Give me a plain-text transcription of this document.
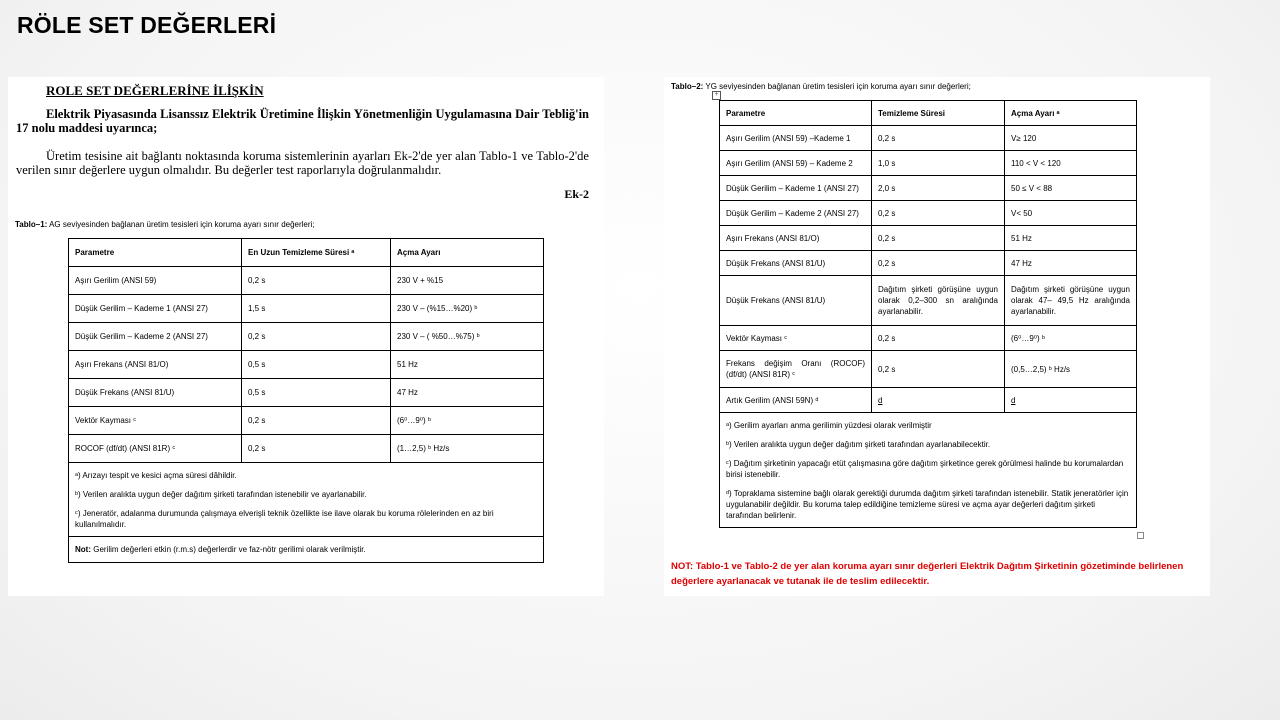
RÖLE SET DEĞERLERİ
ROLE SET DEĞERLERİNE İLİŞKİN
Elektrik Piyasasında Lisanssız Elektrik Üretimine İlişkin Yönetmenliğin Uygulamasına Dair Tebliğ'in 17 nolu maddesi uyarınca;
Üretim tesisine ait bağlantı noktasında koruma sistemlerinin ayarları Ek-2'de yer alan Tablo-1 ve Tablo-2'de verilen sınır değerlere uygun olmalıdır. Bu değerler test raporlarıyla doğrulanmalıdır.
Ek-2
Tablo–1: AG seviyesinden bağlanan üretim tesisleri için koruma ayarı sınır değerleri;
Parametre	En Uzun Temizleme Süresi ᵃ	Açma Ayarı
Aşırı Gerilim (ANSI 59)	0,2 s	230 V + %15
Düşük Gerilim – Kademe 1 (ANSI 27)	1,5 s	230 V – (%15…%20) ᵇ
Düşük Gerilim – Kademe 2 (ANSI 27)	0,2 s	230 V – ( %50…%75) ᵇ
Aşırı Frekans (ANSI 81/O)	0,5 s	51 Hz
Düşük Frekans (ANSI 81/U)	0,5 s	47 Hz
Vektör Kayması ᶜ	0,2 s	(6⁰…9⁰) ᵇ
ROCOF (df/dt) (ANSI 81R) ᶜ	0,2 s	(1…2,5) ᵇ Hz/s

ᵃ) Arızayı tespit ve kesici açma süresi dâhildir.
ᵇ) Verilen aralıkta uygun değer dağıtım şirketi tarafından istenebilir ve ayarlanabilir.
ᶜ) Jeneratör, adalanma durumunda çalışmaya elverişli teknik özellikte ise ilave olarak bu koruma rölelerinden en az biri kullanılmalıdır.		

Not: Gerilim değerleri etkin (r.m.s) değerlerdir ve faz-nötr gerilimi olarak verilmiştir.		
Tablo–2: YG seviyesinden bağlanan üretim tesisleri için koruma ayarı sınır değerleri;
+
Parametre	Temizleme Süresi	Açma Ayarı ᵃ
Aşırı Gerilim (ANSI 59) –Kademe 1	0,2 s	V≥ 120
Aşırı Gerilim (ANSI 59) – Kademe 2	1,0 s	110 < V < 120
Düşük Gerilim – Kademe 1 (ANSI 27)	2,0 s	50 ≤ V < 88
Düşük Gerilim – Kademe 2 (ANSI 27)	0,2 s	V< 50
Aşırı Frekans (ANSI 81/O)	0,2 s	51 Hz
Düşük Frekans (ANSI 81/U)	0,2 s	47 Hz
Düşük Frekans (ANSI 81/U)	Dağıtım şirketi görüşüne uygun olarak 0,2–300 sn aralığında ayarlanabilir.	Dağıtım şirketi görüşüne uygun olarak 47– 49,5 Hz aralığında ayarlanabilir.
Vektör Kayması ᶜ	0,2 s	(6⁰…9⁰) ᵇ
Frekans değişim Oranı (ROCOF) (df/dt) (ANSI 81R) ᶜ	0,2 s	(0,5…2,5) ᵇ Hz/s
Artık Gerilim (ANSI 59N) ᵈ	d	d

ᵃ) Gerilim ayarları anma gerilimin yüzdesi olarak verilmiştir
ᵇ) Verilen aralıkta uygun değer dağıtım şirketi tarafından ayarlanabilecektir.
ᶜ) Dağıtım şirketinin yapacağı etüt çalışmasına göre dağıtım şirketince gerek görülmesi halinde bu korumalardan birisi istenebilir.
ᵈ) Topraklama sistemine bağlı olarak gerektiği durumda dağıtım şirketi tarafından istenebilir. Statik jeneratörler için uygulanabilir değildir. Bu koruma talep edildiğine temizleme süresi ve açma ayar değerleri dağıtım şirketi tarafından belirlenir.		
NOT: Tablo-1 ve Tablo-2 de yer alan koruma ayarı sınır değerleri Elektrik Dağıtım Şirketinin gözetiminde belirlenen değerlere ayarlanacak ve tutanak ile de teslim edilecektir.
